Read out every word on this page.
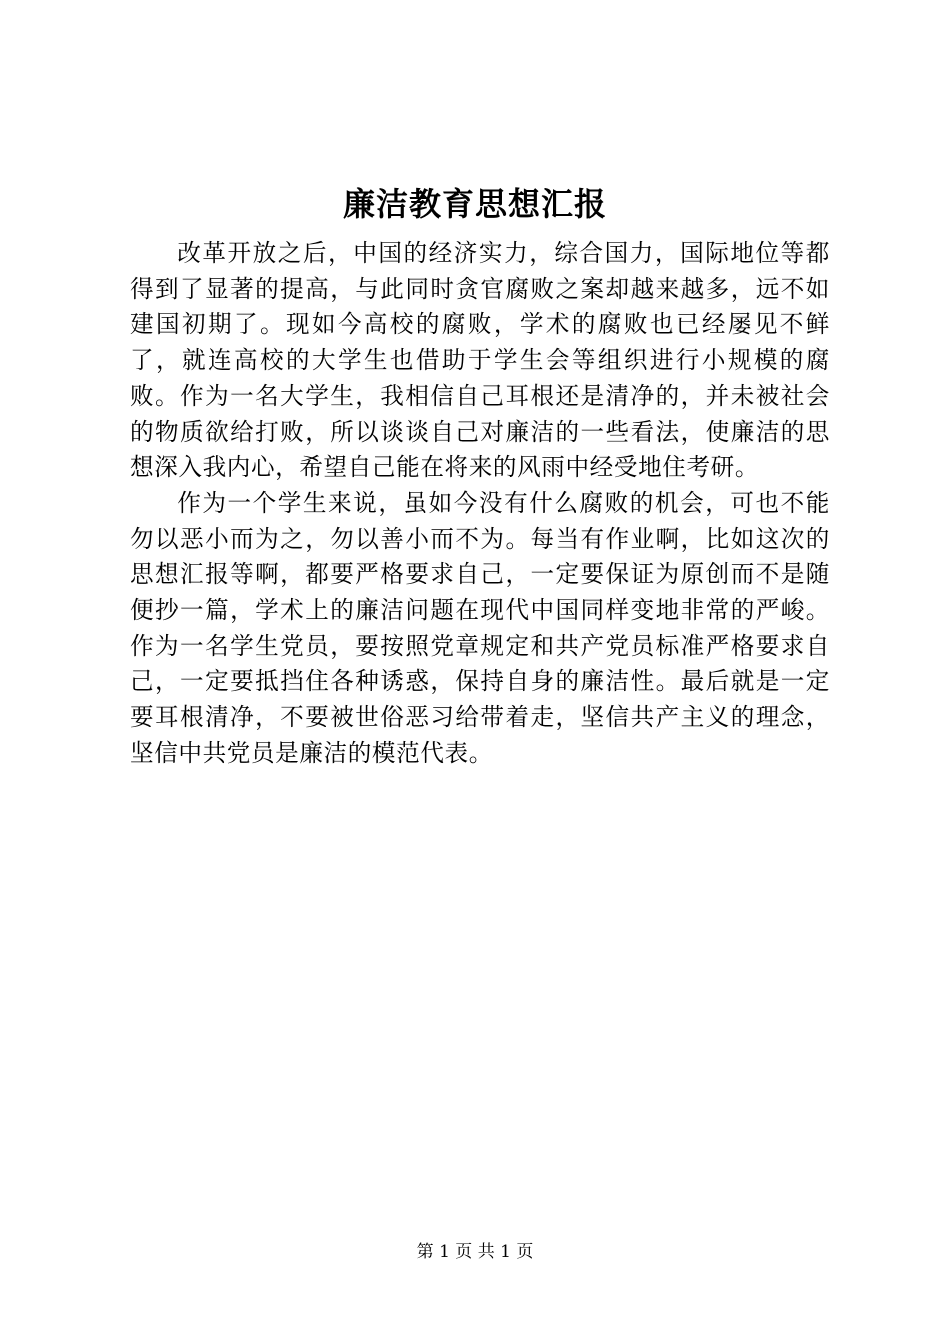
廉洁教育思想汇报

改革开放之后，中国的经济实力，综合国力，国际地位等都得到了显著的提高，与此同时贪官腐败之案却越来越多，远不如建国初期了。现如今高校的腐败，学术的腐败也已经屡见不鲜了，就连高校的大学生也借助于学生会等组织进行小规模的腐败。作为一名大学生，我相信自己耳根还是清净的，并未被社会的物质欲给打败，所以谈谈自己对廉洁的一些看法，使廉洁的思想深入我内心，希望自己能在将来的风雨中经受地住考研。

作为一个学生来说，虽如今没有什么腐败的机会，可也不能勿以恶小而为之，勿以善小而不为。每当有作业啊，比如这次的思想汇报等啊，都要严格要求自己，一定要保证为原创而不是随便抄一篇，学术上的廉洁问题在现代中国同样变地非常的严峻。作为一名学生党员，要按照党章规定和共产党员标准严格要求自己，一定要抵挡住各种诱惑，保持自身的廉洁性。最后就是一定要耳根清净，不要被世俗恶习给带着走，坚信共产主义的理念，坚信中共党员是廉洁的模范代表。

第 1 页 共 1 页
